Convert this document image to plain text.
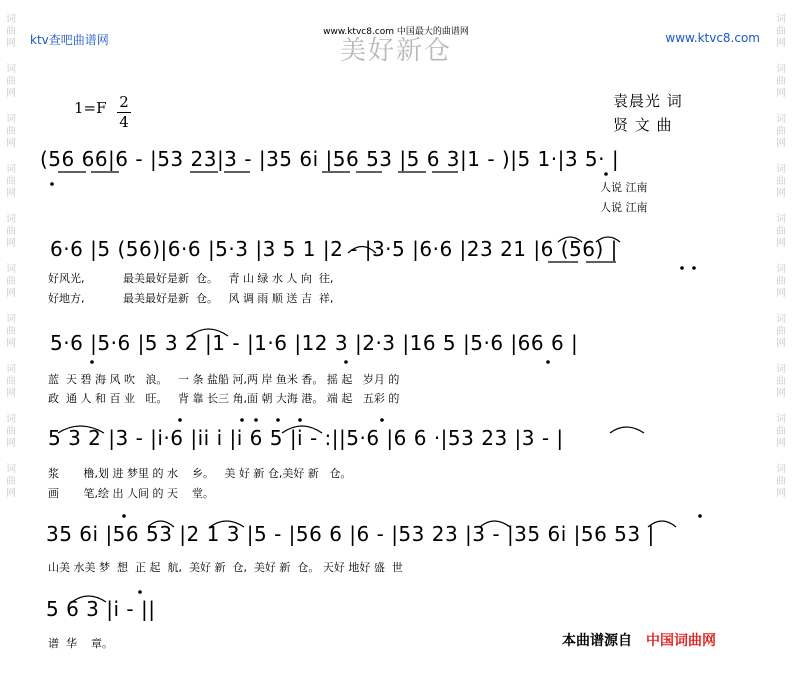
词
曲
网
词
曲
网
词
曲
网
词
曲
网
词
曲
网
词
曲
网
词
曲
网
词
曲
网
词
曲
网
词
曲
网
词
曲
网
词
曲
网
词
曲
网
词
曲
网
词
曲
网
词
曲
网
词
曲
网
词
曲
网
词
曲
网
词
曲
网
ktv查吧曲谱网
www.ktvc8.com 中国最大的曲谱网	www.ktvc8.com
美好新仓
1=F 2
4
袁晨光 词
贤 文 曲
(56 66|6 - |53 23|3 - |35 6i |56 53 |5 6 3|1 - )|5 1·|3 5· |
人说 江南
人说 江南
6·6 |5 (56)|6·6 |5·3 |3 5 1 |2 - |3·5 |6·6 |23 21 |6 (56) |
好风光,           最美最好是新  仓。   青 山 绿 水 人 向  往,
好地方,           最美最好是新  仓。   风 调 雨 顺 送 吉  祥,
5·6 |5·6 |5 3 2 |1 - |1·6 |12 3 |2·3 |16 5 |5·6 |66 6 |
蓝  天 碧 海 风 吹   浪。   一 条 盐船 河,两 岸 鱼米 香。 摇 起   岁月 的
政  通 人 和 百 业   旺。   背 靠 长三 角,面 朝 大海 港。 端 起   五彩 的
5 3 2 |3 - |i·6 |ii i |i 6 5 |i - :||5·6 |6 6 ·|53 23 |3 - |
浆       橹,划 进 梦里 的 水    乡。   美 好 新 仓,美好 新   仓。
画       笔,绘 出 人间 的 天    堂。
35 6i |56 53 |2 1 3 |5 - |56 6 |6 - |53 23 |3 - |35 6i |56 53 |
山美 水美 梦  想  正 起  航,  美好 新  仓,  美好 新  仓。 天好 地好 盛  世
5 6 3 |i - ||
谱  华    章。	本曲谱源自 中国词曲网
